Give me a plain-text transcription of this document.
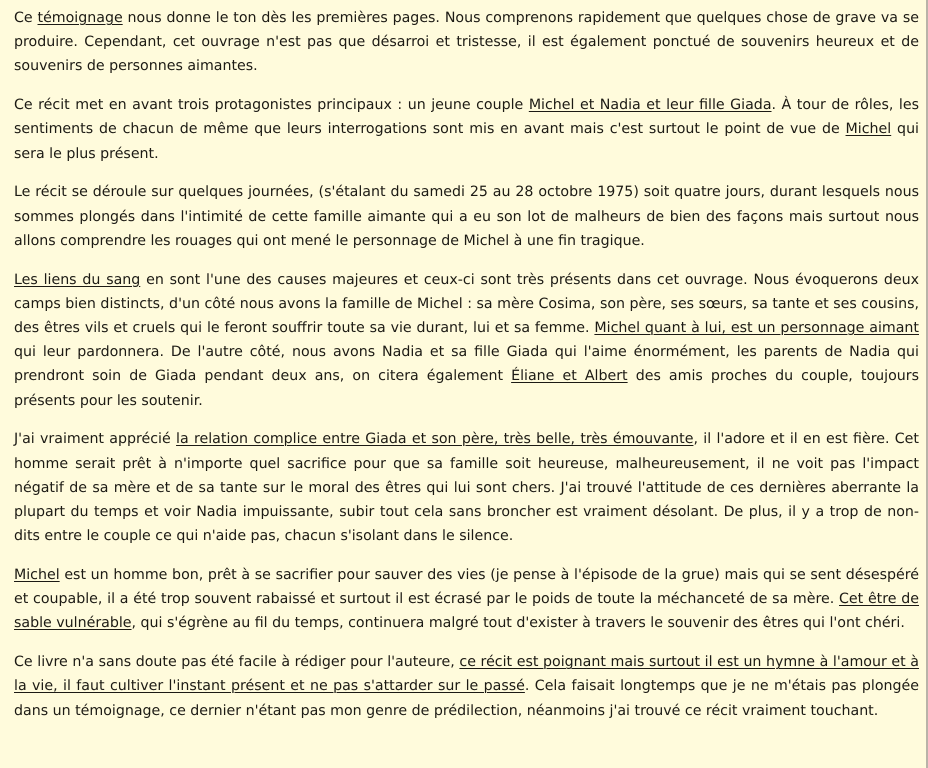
Ce témoignage nous donne le ton dès les premières pages. Nous comprenons rapidement que quelques chose de grave va se produire. Cependant, cet ouvrage n'est pas que désarroi et tristesse, il est également ponctué de souvenirs heureux et de souvenirs de personnes aimantes.

Ce récit met en avant trois protagonistes principaux : un jeune couple Michel et Nadia et leur fille Giada. À tour de rôles, les sentiments de chacun de même que leurs interrogations sont mis en avant mais c'est surtout le point de vue de Michel qui sera le plus présent.

Le récit se déroule sur quelques journées, (s'étalant du samedi 25 au 28 octobre 1975) soit quatre jours, durant lesquels nous sommes plongés dans l'intimité de cette famille aimante qui a eu son lot de malheurs de bien des façons mais surtout nous allons comprendre les rouages qui ont mené le personnage de Michel à une fin tragique.

Les liens du sang en sont l'une des causes majeures et ceux-ci sont très présents dans cet ouvrage. Nous évoquerons deux camps bien distincts, d'un côté nous avons la famille de Michel : sa mère Cosima, son père, ses sœurs, sa tante et ses cousins, des êtres vils et cruels qui le feront souffrir toute sa vie durant, lui et sa femme. Michel quant à lui, est un personnage aimant qui leur pardonnera. De l'autre côté, nous avons Nadia et sa fille Giada qui l'aime énormément, les parents de Nadia qui prendront soin de Giada pendant deux ans, on citera également Éliane et Albert des amis proches du couple, toujours présents pour les soutenir.

J'ai vraiment apprécié la relation complice entre Giada et son père, très belle, très émouvante, il l'adore et il en est fière. Cet homme serait prêt à n'importe quel sacrifice pour que sa famille soit heureuse, malheureusement, il ne voit pas l'impact négatif de sa mère et de sa tante sur le moral des êtres qui lui sont chers. J'ai trouvé l'attitude de ces dernières aberrante la plupart du temps et voir Nadia impuissante, subir tout cela sans broncher est vraiment désolant. De plus, il y a trop de non-dits entre le couple ce qui n'aide pas, chacun s'isolant dans le silence.

Michel est un homme bon, prêt à se sacrifier pour sauver des vies (je pense à l'épisode de la grue) mais qui se sent désespéré et coupable, il a été trop souvent rabaissé et surtout il est écrasé par le poids de toute la méchanceté de sa mère. Cet être de sable vulnérable, qui s'égrène au fil du temps, continuera malgré tout d'exister à travers le souvenir des êtres qui l'ont chéri.

Ce livre n'a sans doute pas été facile à rédiger pour l'auteure, ce récit est poignant mais surtout il est un hymne à l'amour et à la vie, il faut cultiver l'instant présent et ne pas s'attarder sur le passé. Cela faisait longtemps que je ne m'étais pas plongée dans un témoignage, ce dernier n'étant pas mon genre de prédilection, néanmoins j'ai trouvé ce récit vraiment touchant.
